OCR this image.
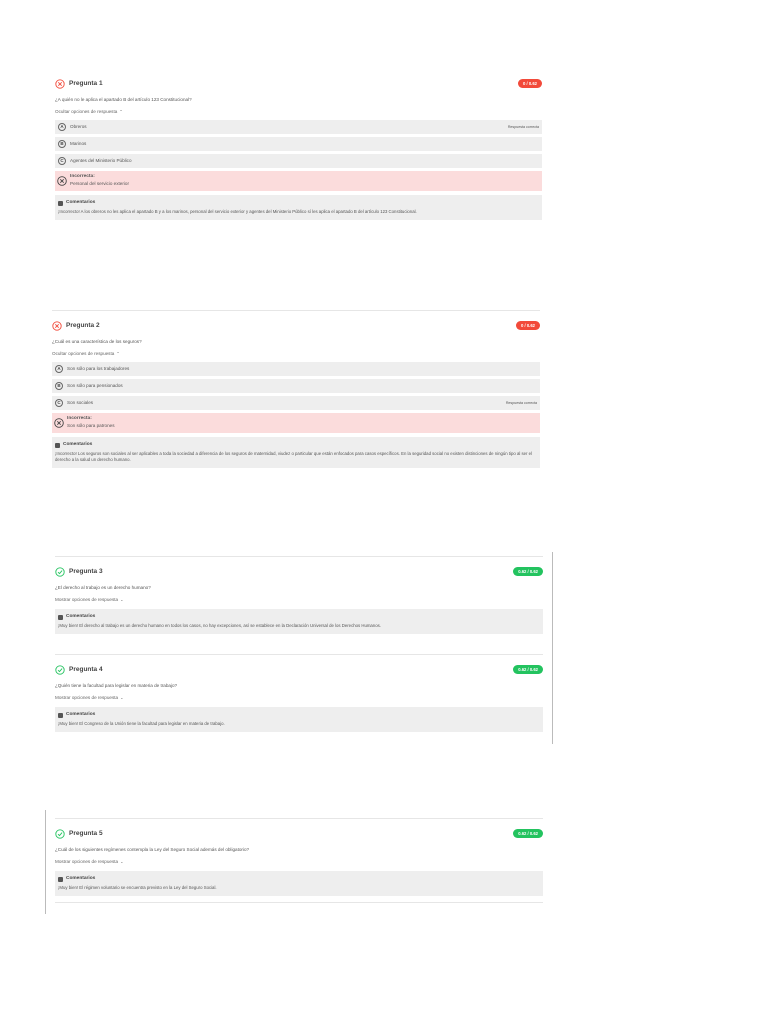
Pregunta 1	0 / 0.62
¿A quién no le aplica el apartado B del artículo 123 Constitucional?
Ocultar opciones de respuesta ⌃
A	Obreros	Respuesta correcta
B	Marinos
C	Agentes del Ministerio Público
Incorrecta:
Personal del servicio exterior
Comentarios
¡Incorrecto! A los obreros no les aplica el apartado B y a los marinos, personal del servicio exterior y agentes del Ministerio Público sí les aplica el apartado B del artículo 123 Constitucional.
Pregunta 2	0 / 0.62
¿Cuál es una característica de los seguros?
Ocultar opciones de respuesta ⌃
A	Son sólo para los trabajadores
B	Son sólo para pensionados
C	Son sociales	Respuesta correcta
Incorrecta:
Son sólo para patrones
Comentarios
¡Incorrecto! Los seguros son sociales al ser aplicables a toda la sociedad a diferencia de los seguros de maternidad, viudez o particular que están enfocados para casos específicos. En la seguridad social no existen distinciones de ningún tipo al ser el derecho a la salud un derecho humano.
Pregunta 3	0.62 / 0.62
¿El derecho al trabajo es un derecho humano?
Mostrar opciones de respuesta ⌄
Comentarios
¡Muy bien! El derecho al trabajo es un derecho humano en todos los casos, no hay excepciones, así se establece en la Declaración Universal de los Derechos Humanos.
Pregunta 4	0.62 / 0.62
¿Quién tiene la facultad para legislar en materia de trabajo?
Mostrar opciones de respuesta ⌄
Comentarios
¡Muy bien! El Congreso de la Unión tiene la facultad para legislar en materia de trabajo.
Pregunta 5	0.62 / 0.62
¿Cuál de los siguientes regímenes contempla la Ley del Seguro Social además del obligatorio?
Mostrar opciones de respuesta ⌄
Comentarios
¡Muy bien! El régimen voluntario se encuentra previsto en la Ley del Seguro Social.
